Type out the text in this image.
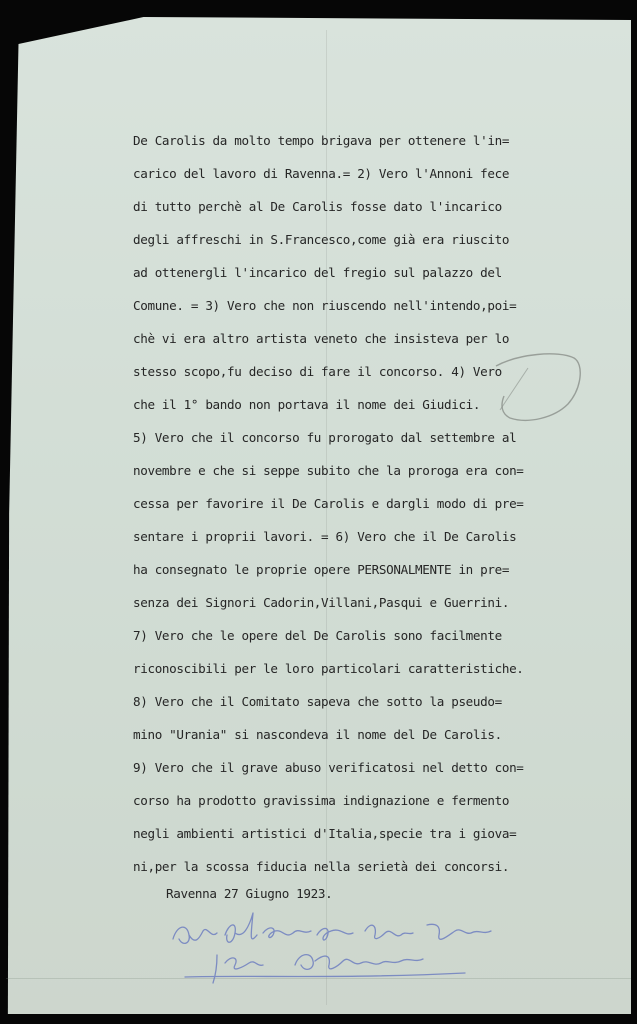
De Carolis da molto tempo brigava per ottenere l'in=
carico del lavoro di Ravenna.= 2) Vero l'Annoni fece
di tutto perchè al De Carolis fosse dato l'incarico
degli affreschi in S.Francesco,come già era riuscito
ad ottenergli l'incarico del fregio sul palazzo del
Comune. = 3) Vero che non riuscendo nell'intendo,poi=
chè vi era altro artista veneto che insisteva per lo
stesso scopo,fu deciso di fare il concorso. 4) Vero
che il 1° bando non portava il nome dei Giudici.
5) Vero che il concorso fu prorogato dal settembre al
novembre e che si seppe subito che la proroga era con=
cessa per favorire il De Carolis e dargli modo di pre=
sentare i proprii lavori. = 6) Vero che il De Carolis
ha consegnato le proprie opere PERSONALMENTE in pre=
senza dei Signori Cadorin,Villani,Pasqui e Guerrini.
7) Vero che le opere del De Carolis sono facilmente
riconoscibili per le loro particolari caratteristiche.
8) Vero che il Comitato sapeva che sotto la pseudo=
mino "Urania" si nascondeva il nome del De Carolis.
9) Vero che il grave abuso verificatosi nel detto con=
corso ha prodotto gravissima indignazione e fermento
negli ambienti artistici d'Italia,specie tra i giova=
ni,per la scossa fiducia nella serietà dei concorsi.
Ravenna 27 Giugno 1923.
